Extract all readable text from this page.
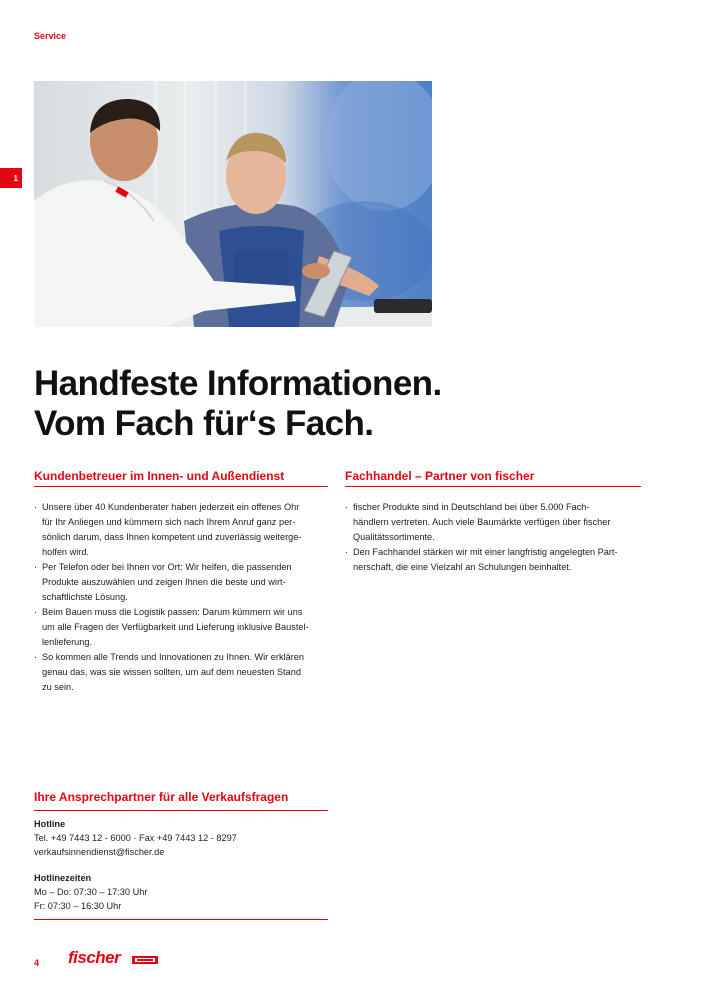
Service
1
Handfeste Informationen.
Vom Fach für‘s Fach.
Kundenbetreuer im Innen- und Außendienst	Fachhandel – Partner von fischer
· Unsere über 40 Kundenberater haben jederzeit ein offenes Ohr
für Ihr Anliegen und kümmern sich nach Ihrem Anruf ganz per-
sönlich darum, dass Ihnen kompetent und zuverlässig weiterge-
holfen wird.
· Per Telefon oder bei Ihnen vor Ort: Wir helfen, die passenden
Produkte auszuwählen und zeigen Ihnen die beste und wirt-
schaftlichste Lösung.
· Beim Bauen muss die Logistik passen: Darum kümmern wir uns
um alle Fragen der Verfügbarkeit und Lieferung inklusive Baustel-
lenlieferung.
· So kommen alle Trends und Innovationen zu Ihnen. Wir erklären
genau das, was sie wissen sollten, um auf dem neuesten Stand
zu sein.
· fischer Produkte sind in Deutschland bei über 5.000 Fach-
händlern vertreten. Auch viele Baumärkte verfügen über fischer
Qualitätssortimente.
· Den Fachhandel stärken wir mit einer langfristig angelegten Part-
nerschaft, die eine Vielzahl an Schulungen beinhaltet.
Ihre Ansprechpartner für alle Verkaufsfragen
Hotline
Tel. +49 7443 12 - 6000 · Fax +49 7443 12 - 8297
verkaufsinnendienst@fischer.de
Hotlinezeiten
Mo – Do: 07:30 – 17:30 Uhr
Fr: 07:30 – 16:30 Uhr
4 fischer
